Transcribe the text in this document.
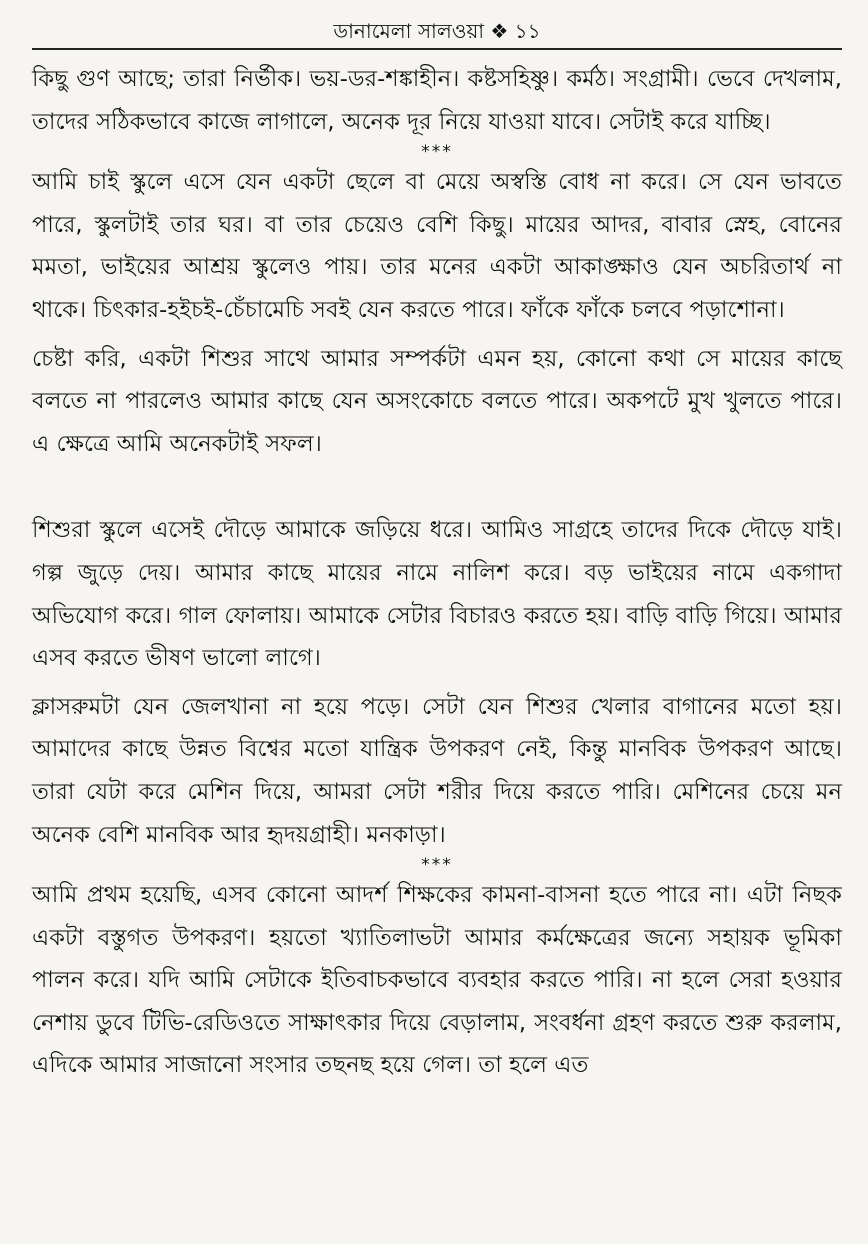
ডানামেলা সালওয়া ❖ ১১

কিছু গুণ আছে; তারা নির্ভীক। ভয়-ডর-শঙ্কাহীন। কষ্টসহিষ্ণু। কর্মঠ। সংগ্রামী। ভেবে দেখলাম, তাদের সঠিকভাবে কাজে লাগালে, অনেক দূর নিয়ে যাওয়া যাবে। সেটাই করে যাচ্ছি।

***

আমি চাই স্কুলে এসে যেন একটা ছেলে বা মেয়ে অস্বস্তি বোধ না করে। সে যেন ভাবতে পারে, স্কুলটাই তার ঘর। বা তার চেয়েও বেশি কিছু। মায়ের আদর, বাবার স্নেহ, বোনের মমতা, ভাইয়ের আশ্রয় স্কুলেও পায়। তার মনের একটা আকাঙ্ক্ষাও যেন অচরিতার্থ না থাকে। চিৎকার-হইচই-চেঁচামেচি সবই যেন করতে পারে। ফাঁকে ফাঁকে চলবে পড়াশোনা।

চেষ্টা করি, একটা শিশুর সাথে আমার সম্পর্কটা এমন হয়, কোনো কথা সে মায়ের কাছে বলতে না পারলেও আমার কাছে যেন অসংকোচে বলতে পারে। অকপটে মুখ খুলতে পারে। এ ক্ষেত্রে আমি অনেকটাই সফল।

শিশুরা স্কুলে এসেই দৌড়ে আমাকে জড়িয়ে ধরে। আমিও সাগ্রহে তাদের দিকে দৌড়ে যাই। গল্প জুড়ে দেয়। আমার কাছে মায়ের নামে নালিশ করে। বড় ভাইয়ের নামে একগাদা অভিযোগ করে। গাল ফোলায়। আমাকে সেটার বিচারও করতে হয়। বাড়ি বাড়ি গিয়ে। আমার এসব করতে ভীষণ ভালো লাগে।

ক্লাসরুমটা যেন জেলখানা না হয়ে পড়ে। সেটা যেন শিশুর খেলার বাগানের মতো হয়। আমাদের কাছে উন্নত বিশ্বের মতো যান্ত্রিক উপকরণ নেই, কিন্তু মানবিক উপকরণ আছে। তারা যেটা করে মেশিন দিয়ে, আমরা সেটা শরীর দিয়ে করতে পারি। মেশিনের চেয়ে মন অনেক বেশি মানবিক আর হৃদয়গ্রাহী। মনকাড়া।

***

আমি প্রথম হয়েছি, এসব কোনো আদর্শ শিক্ষকের কামনা-বাসনা হতে পারে না। এটা নিছক একটা বস্তুগত উপকরণ। হয়তো খ্যাতিলাভটা আমার কর্মক্ষেত্রের জন্যে সহায়ক ভূমিকা পালন করে। যদি আমি সেটাকে ইতিবাচকভাবে ব্যবহার করতে পারি। না হলে সেরা হওয়ার নেশায় ডুবে টিভি-রেডিওতে সাক্ষাৎকার দিয়ে বেড়ালাম, সংবর্ধনা গ্রহণ করতে শুরু করলাম, এদিকে আমার সাজানো সংসার তছনছ হয়ে গেল। তা হলে এত
